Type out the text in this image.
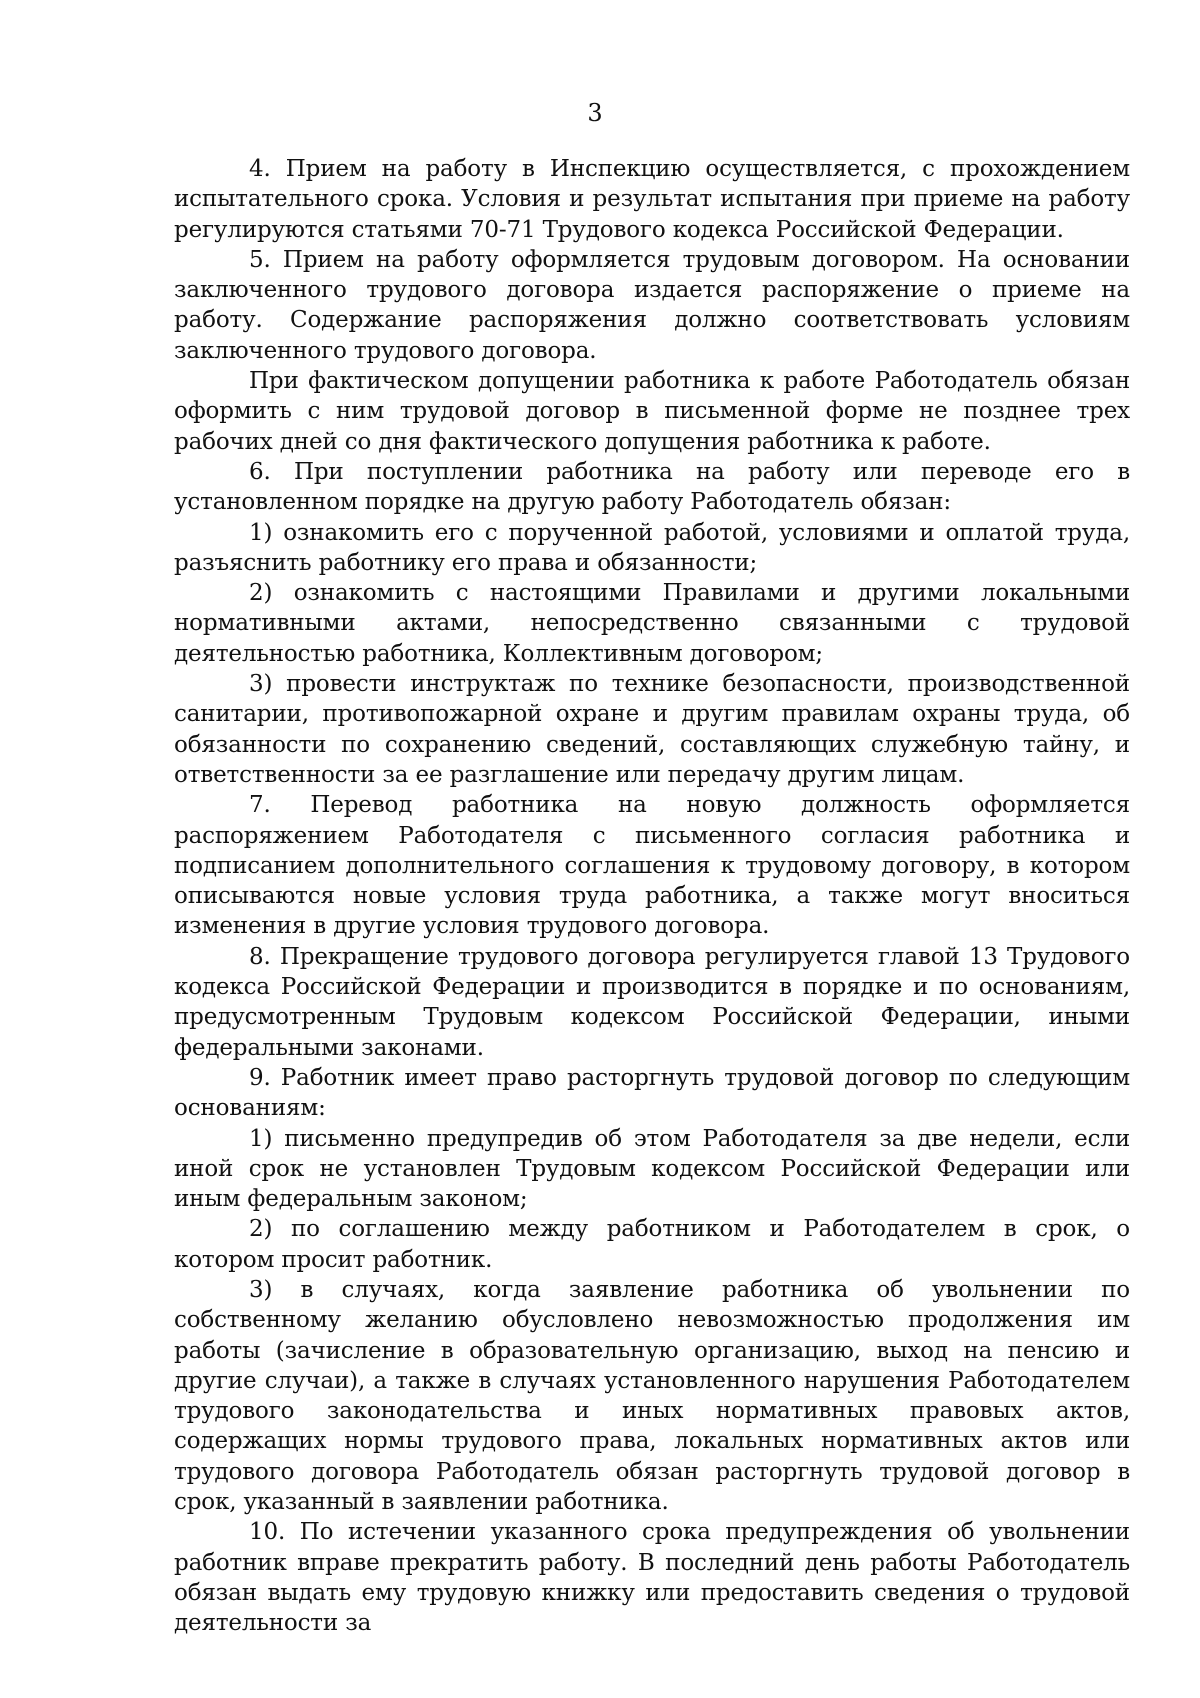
3

4. Прием на работу в Инспекцию осуществляется, с прохождением испытательного срока. Условия и результат испытания при приеме на работу регулируются статьями 70-71 Трудового кодекса Российской Федерации.

5. Прием на работу оформляется трудовым договором. На основании заключенного трудового договора издается распоряжение о приеме на работу. Содержание распоряжения должно соответствовать условиям заключенного трудового договора.

При фактическом допущении работника к работе Работодатель обязан оформить с ним трудовой договор в письменной форме не позднее трех рабочих дней со дня фактического допущения работника к работе.

6. При поступлении работника на работу или переводе его в установленном порядке на другую работу Работодатель обязан:

1) ознакомить его с порученной работой, условиями и оплатой труда, разъяснить работнику его права и обязанности;

2) ознакомить с настоящими Правилами и другими локальными нормативными актами, непосредственно связанными с трудовой деятельностью работника, Коллективным договором;

3) провести инструктаж по технике безопасности, производственной санитарии, противопожарной охране и другим правилам охраны труда, об обязанности по сохранению сведений, составляющих служебную тайну, и ответственности за ее разглашение или передачу другим лицам.

7. Перевод работника на новую должность оформляется распоряжением Работодателя с письменного согласия работника и подписанием дополнительного соглашения к трудовому договору, в котором описываются новые условия труда работника, а также могут вноситься изменения в другие условия трудового договора.

8. Прекращение трудового договора регулируется главой 13 Трудового кодекса Российской Федерации и производится в порядке и по основаниям, предусмотренным Трудовым кодексом Российской Федерации, иными федеральными законами.

9. Работник имеет право расторгнуть трудовой договор по следующим основаниям:

1) письменно предупредив об этом Работодателя за две недели, если иной срок не установлен Трудовым кодексом Российской Федерации или иным федеральным законом;

2) по соглашению между работником и Работодателем в срок, о котором просит работник.

3) в случаях, когда заявление работника об увольнении по собственному желанию обусловлено невозможностью продолжения им работы (зачисление в образовательную организацию, выход на пенсию и другие случаи), а также в случаях установленного нарушения Работодателем трудового законодательства и иных нормативных правовых актов, содержащих нормы трудового права, локальных нормативных актов или трудового договора Работодатель обязан расторгнуть трудовой договор в срок, указанный в заявлении работника.

10. По истечении указанного срока предупреждения об увольнении работник вправе прекратить работу. В последний день работы Работодатель обязан выдать ему трудовую книжку или предоставить сведения о трудовой деятельности за
